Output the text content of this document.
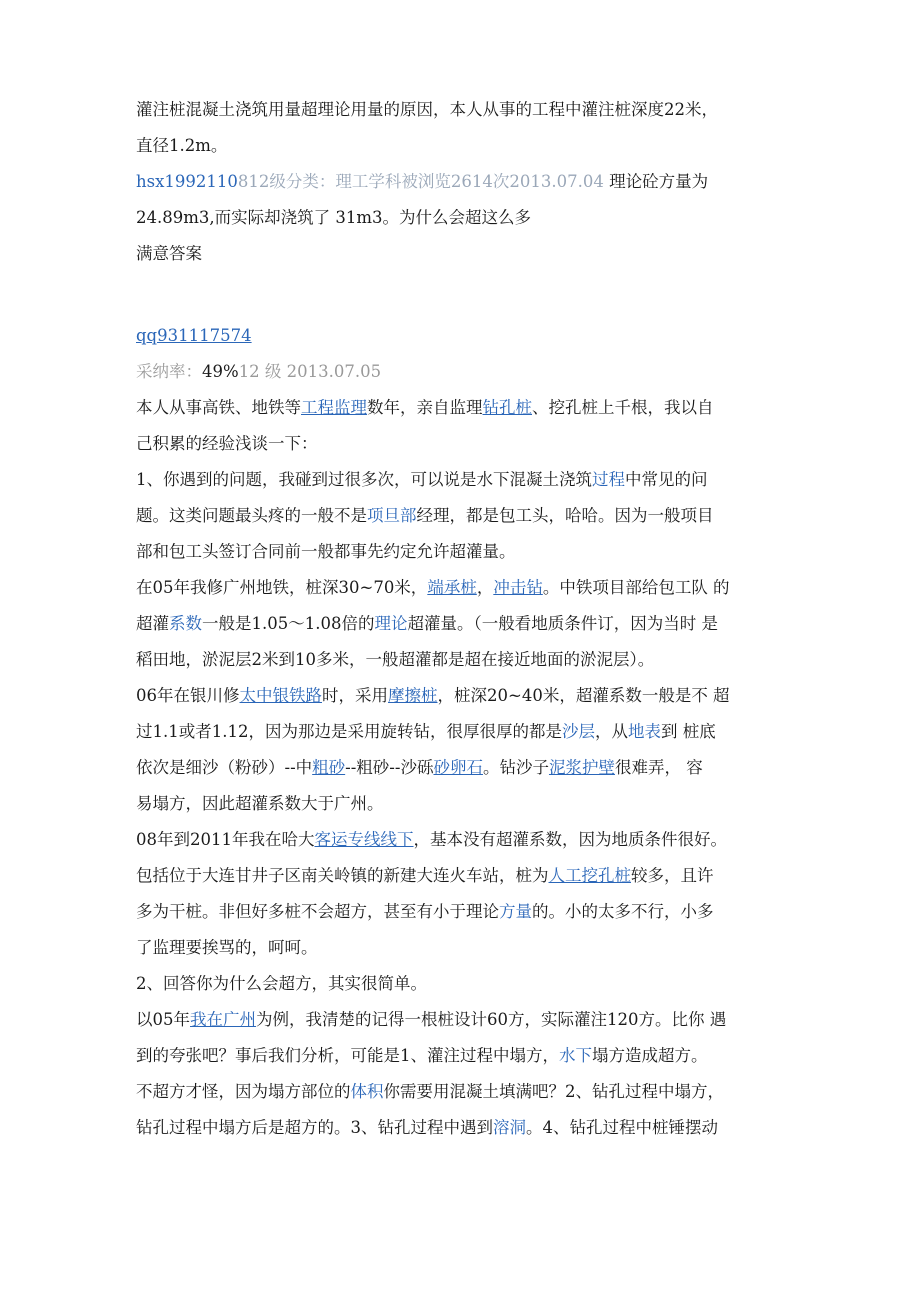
灌注桩混凝土浇筑用量超理论用量的原因，本人从事的工程中灌注桩深度22米，
直径1.2m。
hsx1992110812级分类：理工学科被浏览2614次2013.07.04 理论砼方量为
24.89m3,而实际却浇筑了 31m3。为什么会超这么多
满意答案
qq931117574
采纳率：49%12 级 2013.07.05
本人从事高铁、地铁等工程监理数年，亲自监理钻孔桩、挖孔桩上千根，我以自
己积累的经验浅谈一下：
1、你遇到的问题，我碰到过很多次，可以说是水下混凝土浇筑过程中常见的问
题。这类问题最头疼的一般不是项旦部经理，都是包工头，哈哈。因为一般项目
部和包工头签订合同前一般都事先约定允许超灌量。
在05年我修广州地铁，桩深30~70米，端承桩，冲击钻。中铁项目部给包工队 的
超灌系数一般是1.05～1.08倍的理论超灌量。（一般看地质条件订，因为当时 是
稻田地，淤泥层2米到10多米，一般超灌都是超在接近地面的淤泥层）。
06年在银川修太中银铁路时，采用摩擦桩，桩深20~40米，超灌系数一般是不 超
过1.1或者1.12，因为那边是采用旋转钻，很厚很厚的都是沙层，从地表到 桩底
依次是细沙（粉砂）--中粗砂--粗砂--沙砾砂卵石。钻沙子泥浆护壁很难弄， 容
易塌方，因此超灌系数大于广州。
08年到2011年我在哈大客运专线线下，基本没有超灌系数，因为地质条件很好。
包括位于大连甘井子区南关岭镇的新建大连火车站，桩为人工挖孔桩较多，且许
多为干桩。非但好多桩不会超方，甚至有小于理论方量的。小的太多不行，小多
了监理要挨骂的，呵呵。
2、回答你为什么会超方，其实很简单。
以05年我在广州为例，我清楚的记得一根桩设计60方，实际灌注120方。比你 遇
到的夸张吧？事后我们分析，可能是1、灌注过程中塌方，水下塌方造成超方。
不超方才怪，因为塌方部位的体积你需要用混凝土填满吧？2、钻孔过程中塌方，
钻孔过程中塌方后是超方的。3、钻孔过程中遇到溶洞。4、钻孔过程中桩锤摆动
